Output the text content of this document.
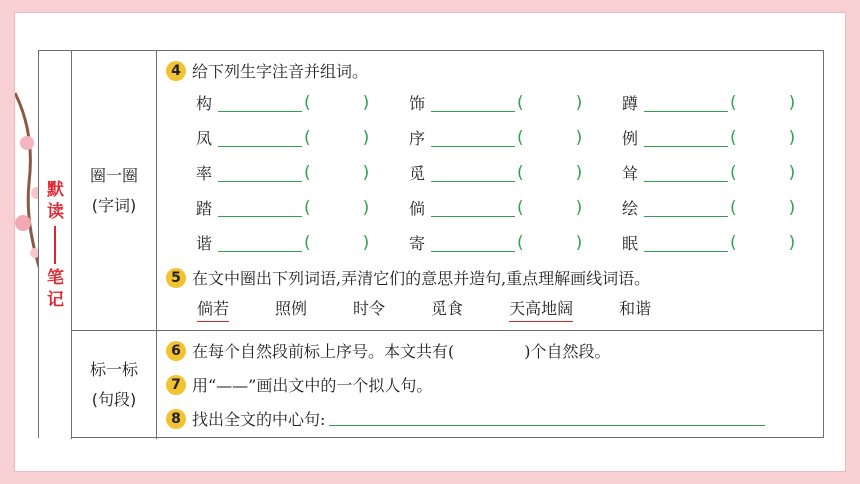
默读
笔记
圈一圈
(字词)
4 给下列生字注音并组词。
构	(	) 饰	(	) 蹲	(	)
凤	(	) 序	(	) 例	(	)
率	(	) 觅	(	) 耸	(	)
踏	(	) 倘	(	) 绘	(	)
谐	(	) 寄	(	) 眠	(	)
5 在文中圈出下列词语,弄清它们的意思并造句,重点理解画线词语。
倘若	照例	时令	觅食	天高地阔	和谐
标一标
(句段)
6 在每个自然段前标上序号。本文共有(	)个自然段。
7 用“——”画出文中的一个拟人句。
8 找出全文的中心句:
